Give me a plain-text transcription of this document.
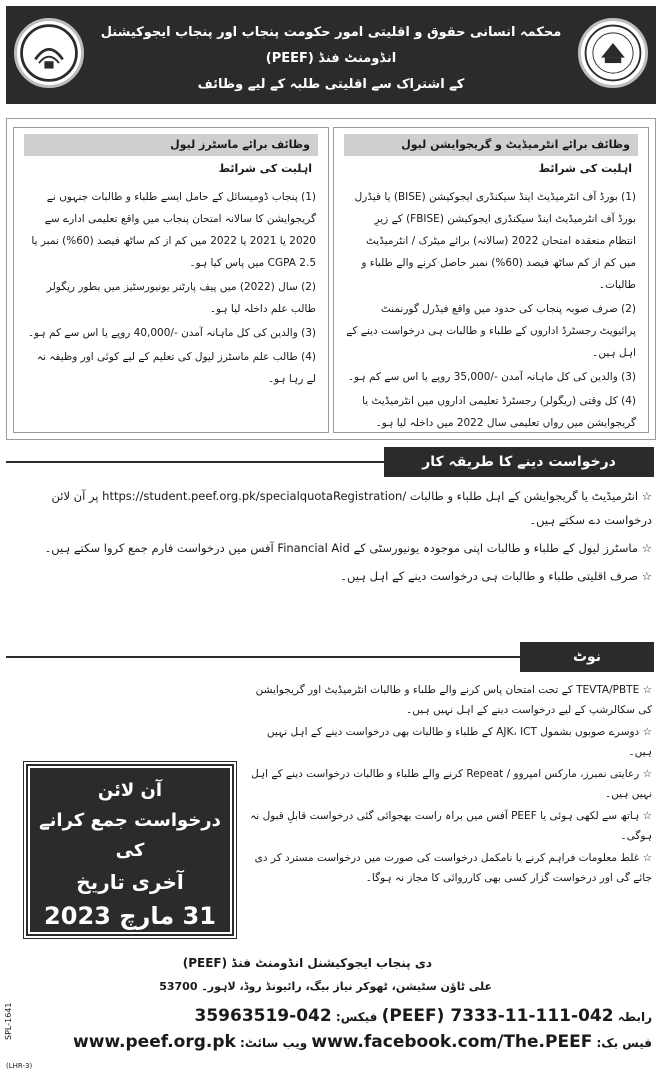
محکمہ انسانی حقوق و اقلیتی امور حکومت پنجاب اور پنجاب ایجوکیشنل انڈومنٹ فنڈ (PEEF)
کے اشتراک سے اقلیتی طلبہ کے لیے وظائف
وظائف برائے انٹرمیڈیٹ و گریجوایشن لیول
اہلیت کی شرائط

(1) بورڈ آف انٹرمیڈیٹ اینڈ سیکنڈری ایجوکیشن (BISE) یا فیڈرل بورڈ آف انٹرمیڈیٹ اینڈ سیکنڈری ایجوکیشن (FBISE) کے زیرِ انتظام منعقدہ امتحان 2022 (سالانہ) برائے میٹرک / انٹرمیڈیٹ میں کم از کم ساٹھ فیصد (60%) نمبر حاصل کرنے والے طلباء و طالبات۔

(2) صرف صوبہ پنجاب کی حدود میں واقع فیڈرل گورنمنٹ پرائیویٹ رجسٹرڈ اداروں کے طلباء و طالبات ہی درخواست دینے کے اہل ہیں۔

(3) والدین کی کل ماہانہ آمدن -/35,000 روپے یا اس سے کم ہو۔

(4) کل وقتی (ریگولر) رجسٹرڈ تعلیمی اداروں میں انٹرمیڈیٹ یا گریجوایشن میں رواں تعلیمی سال 2022 میں داخلہ لیا ہو۔

وظائف برائے ماسٹرز لیول
اہلیت کی شرائط

(1) پنجاب ڈومیسائل کے حامل ایسے طلباء و طالبات جنہوں نے گریجوایشن کا سالانہ امتحان پنجاب میں واقع تعلیمی ادارے سے 2020 یا 2021 یا 2022 میں کم از کم ساٹھ فیصد (60%) نمبر یا 2.5 CGPA میں پاس کیا ہو۔

(2) سال (2022) میں پیف پارٹنر یونیورسٹیز میں بطور ریگولر طالب علم داخلہ لیا ہو۔

(3) والدین کی کل ماہانہ آمدن -/40,000 روپے یا اس سے کم ہو۔

(4) طالب علم ماسٹرز لیول کی تعلیم کے لیے کوئی اور وظیفہ نہ لے رہا ہو۔

درخواست دینے کا طریقہ کار
☆ انٹرمیڈیٹ یا گریجوایشن کے اہل طلباء و طالبات /https://student.peef.org.pk/specialquotaRegistration پر آن لائن درخواست دے سکتے ہیں۔
☆ ماسٹرز لیول کے طلباء و طالبات اپنی موجودہ یونیورسٹی کے Financial Aid آفس میں درخواست فارم جمع کروا سکتے ہیں۔
☆ صرف اقلیتی طلباء و طالبات ہی درخواست دینے کے اہل ہیں۔
نوٹ
☆ TEVTA/PBTE کے تحت امتحان پاس کرنے والے طلباء و طالبات انٹرمیڈیٹ اور گریجوایشن کی سکالرشپ کے لیے درخواست دینے کے اہل نہیں ہیں۔
☆ دوسرے صوبوں بشمول AJK، ICT کے طلباء و طالبات بھی درخواست دینے کے اہل نہیں ہیں۔
☆ رعایتی نمبرز، مارکس امپروو / Repeat کرنے والے طلباء و طالبات درخواست دینے کے اہل نہیں ہیں۔
☆ ہاتھ سے لکھی ہوئی یا PEEF آفس میں براہ راست بھجوائی گئی درخواست قابلِ قبول نہ ہوگی۔
☆ غلط معلومات فراہم کرنے یا نامکمل درخواست کی صورت میں درخواست مسترد کر دی جائے گی اور درخواست گزار کسی بھی کارروائی کا مجاز نہ ہوگا۔
آن لائن
درخواست جمع کرانے کی
آخری تاریخ
31 مارچ 2023
دی پنجاب ایجوکیشنل انڈومنٹ فنڈ (PEEF)
علی ٹاؤن سٹیشن، ٹھوکر نیاز بیگ، رائیونڈ روڈ، لاہور۔ 53700
رابطہ 042-111-11-7333 (PEEF) فیکس: 042-35963519
فیس بک: www.facebook.com/The.PEEF ویب سائٹ: www.peef.org.pk
SPL-1641
(LHR-3)
